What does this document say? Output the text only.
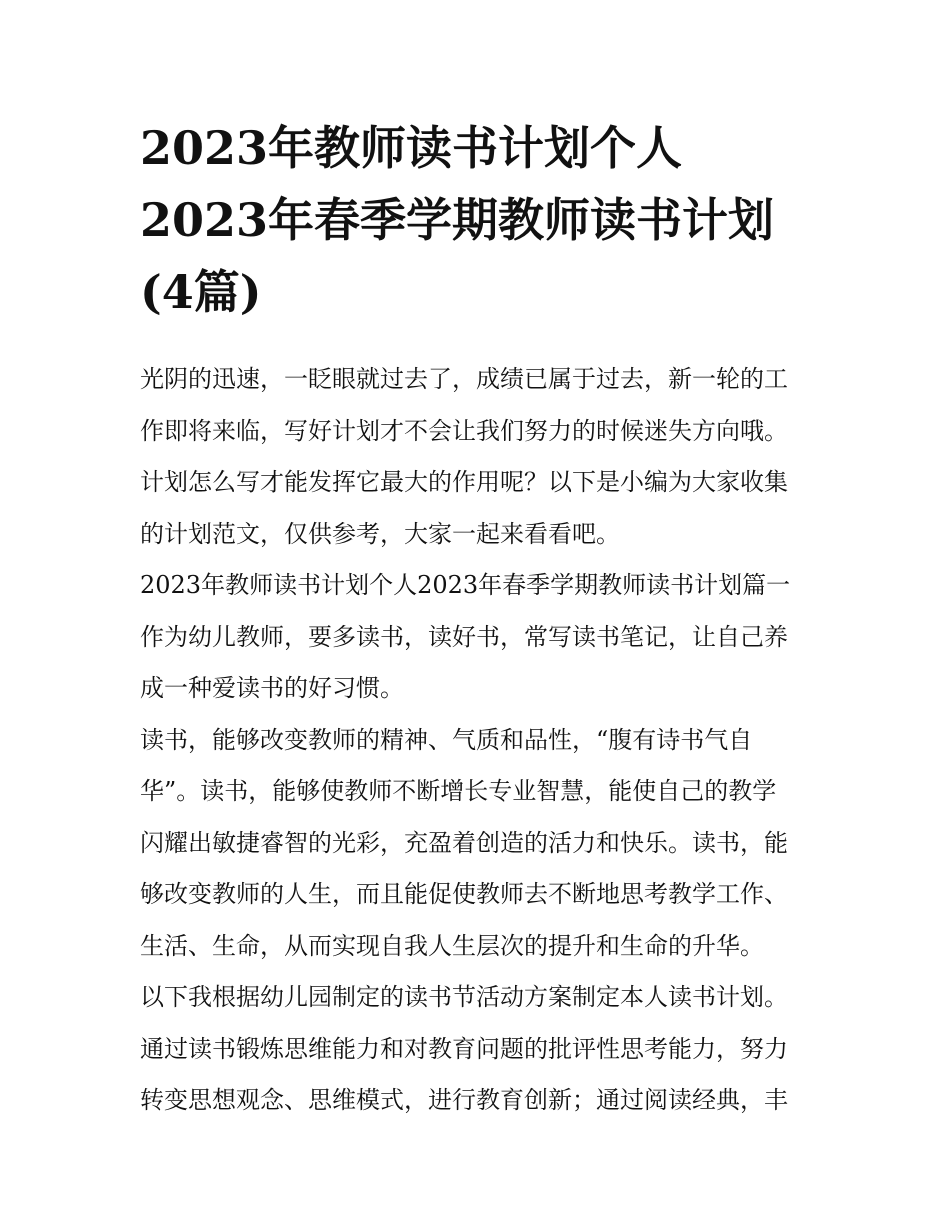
2023年教师读书计划个人
2023年春季学期教师读书计划
(4篇)
光阴的迅速，一眨眼就过去了，成绩已属于过去，新一轮的工
作即将来临，写好计划才不会让我们努力的时候迷失方向哦。
计划怎么写才能发挥它最大的作用呢？以下是小编为大家收集
的计划范文，仅供参考，大家一起来看看吧。
2023年教师读书计划个人2023年春季学期教师读书计划篇一
作为幼儿教师，要多读书，读好书，常写读书笔记，让自己养
成一种爱读书的好习惯。
读书，能够改变教师的精神、气质和品性，“腹有诗书气自
华”。读书，能够使教师不断增长专业智慧，能使自己的教学
闪耀出敏捷睿智的光彩，充盈着创造的活力和快乐。读书，能
够改变教师的人生，而且能促使教师去不断地思考教学工作、
生活、生命，从而实现自我人生层次的提升和生命的升华。
以下我根据幼儿园制定的读书节活动方案制定本人读书计划。
通过读书锻炼思维能力和对教育问题的批评性思考能力，努力
转变思想观念、思维模式，进行教育创新；通过阅读经典，丰
